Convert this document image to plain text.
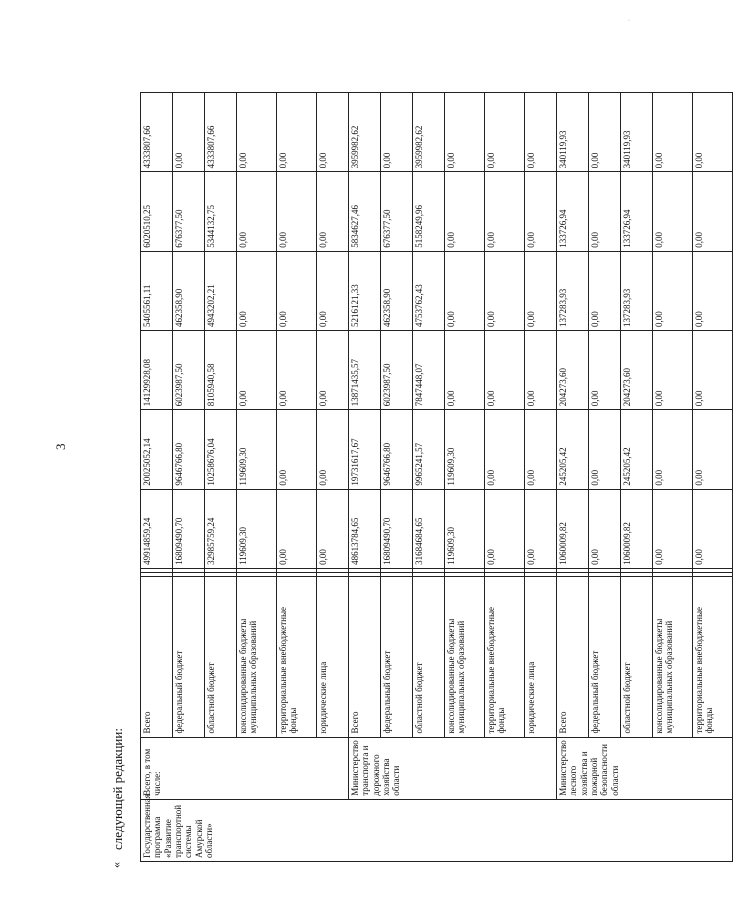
·
3
следующей редакции:
«
Государственная программа «Развитие транспортной системы Амурской области»	Всего, в том числе:	Всего			49914859,24	20025052,14	14129928,08	5405561,11	6020510,25	4333807,66
		федеральный бюджет			16809490,70	9646766,80	6023987,50	462358,90	676377,50	0,00
		областной бюджет			32985759,24	10258676,04	8105940,58	4943202,21	5344132,75	4333807,66
		консолидированные бюджеты муниципальных образований			119609,30	119609,30	0,00	0,00	0,00	0,00
		территориальные внебюджетные фонды			0,00	0,00	0,00	0,00	0,00	0,00
		юридические лица			0,00	0,00	0,00	0,00	0,00	0,00
	Министерство транспорта и дорожного хозяйства области	Всего			48613784,65	19731617,67	13871435,57	5216121,33	5834627,46	3959982,62
		федеральный бюджет			16809490,70	9646766,80	6023987,50	462358,90	676377,50	0,00
		областной бюджет			31684684,65	9965241,57	7847448,07	4753762,43	5158249,96	3959982,62
		консолидированные бюджеты муниципальных образований			119609,30	119609,30	0,00	0,00	0,00	0,00
		территориальные внебюджетные фонды			0,00	0,00	0,00	0,00	0,00	0,00
		юридические лица			0,00	0,00	0,00	0,00	0,00	0,00
	Министерство лесного хозяйства и пожарной безопасности области	Всего			1060009,82	245205,42	204273,60	137283,93	133726,94	340119,93
		федеральный бюджет			0,00	0,00	0,00	0,00	0,00	0,00
		областной бюджет			1060009,82	245205,42	204273,60	137283,93	133726,94	340119,93
		консолидированные бюджеты муниципальных образований			0,00	0,00	0,00	0,00	0,00	0,00
		территориальные внебюджетные фонды			0,00	0,00	0,00	0,00	0,00	0,00
